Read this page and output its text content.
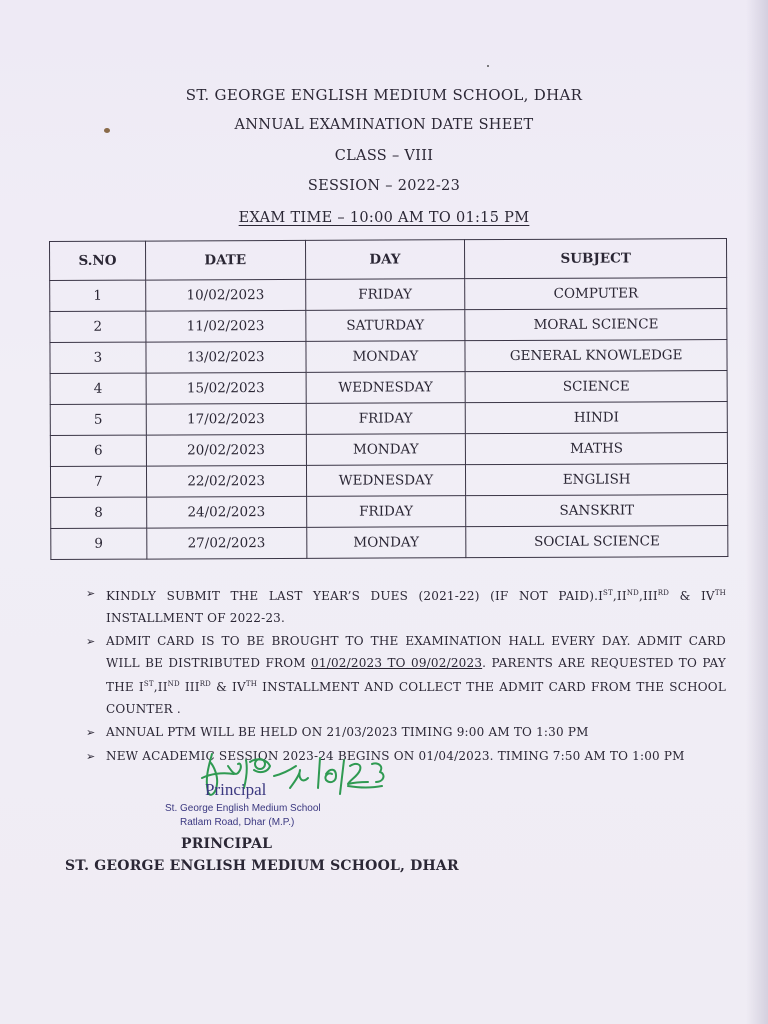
ST. GEORGE ENGLISH MEDIUM SCHOOL, DHAR
ANNUAL EXAMINATION DATE SHEET
CLASS – VIII
SESSION – 2022-23
EXAM TIME – 10:00 AM TO 01:15 PM
S.NO	DATE	DAY	SUBJECT
1	10/02/2023	FRIDAY	COMPUTER
2	11/02/2023	SATURDAY	MORAL SCIENCE
3	13/02/2023	MONDAY	GENERAL KNOWLEDGE
4	15/02/2023	WEDNESDAY	SCIENCE
5	17/02/2023	FRIDAY	HINDI
6	20/02/2023	MONDAY	MATHS
7	22/02/2023	WEDNESDAY	ENGLISH
8	24/02/2023	FRIDAY	SANSKRIT
9	27/02/2023	MONDAY	SOCIAL SCIENCE
➢ KINDLY SUBMIT THE LAST YEAR’S DUES (2021-22) (IF NOT PAID).IST,IIND,IIIRD & IVTH INSTALLMENT OF 2022-23.
➢ ADMIT CARD IS TO BE BROUGHT TO THE EXAMINATION HALL EVERY DAY. ADMIT CARD WILL BE DISTRIBUTED FROM 01/02/2023 TO 09/02/2023. PARENTS ARE REQUESTED TO PAY THE IST,IIND IIIRD & IVTH INSTALLMENT AND COLLECT THE ADMIT CARD FROM THE SCHOOL COUNTER .
➢ ANNUAL PTM WILL BE HELD ON 21/03/2023 TIMING 9:00 AM TO 1:30 PM
➢ NEW ACADEMIC SESSION 2023-24 BEGINS ON 01/04/2023. TIMING 7:50 AM TO 1:00 PM
Principal
St. George English Medium School
Ratlam Road, Dhar (M.P.)
PRINCIPAL
ST. GEORGE ENGLISH MEDIUM SCHOOL, DHAR
